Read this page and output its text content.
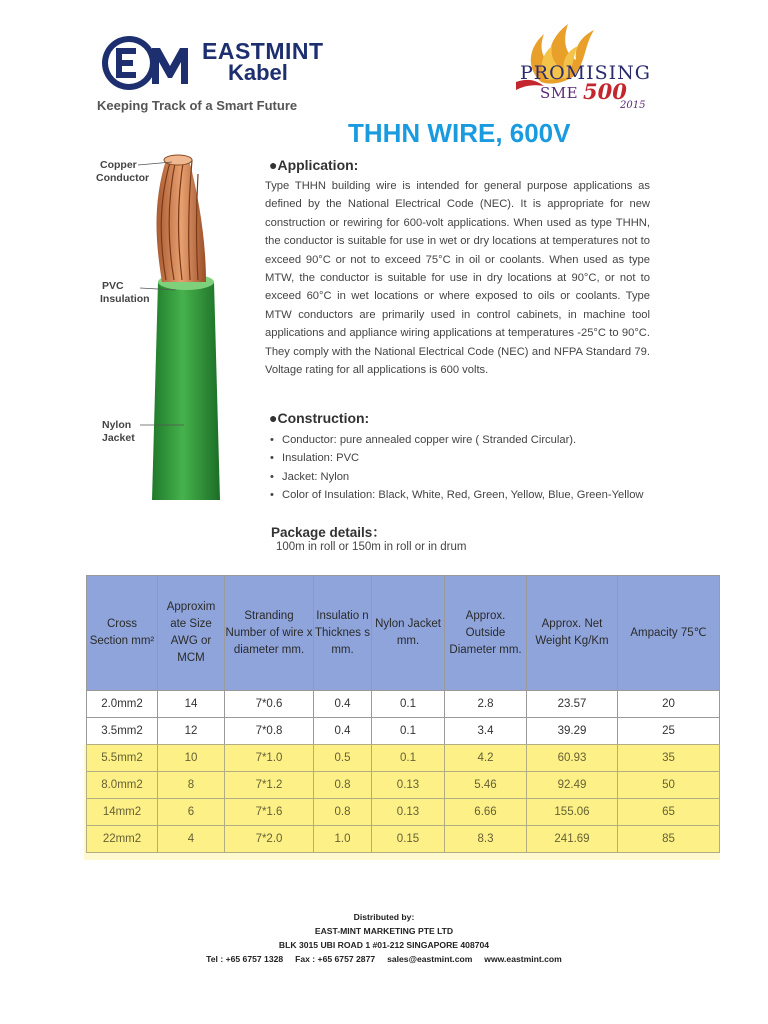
EASTMINT
Kabel
Keeping Track of a Smart Future
PROMISING
SME 500
2015
THHN WIRE, 600V
Copper
Conductor
PVC
Insulation
Nylon
Jacket
●Application:
Type THHN building wire is intended for general purpose applications as defined by the National Electrical Code (NEC). It is appropriate for new construction or rewiring for 600-volt applications. When used as type THHN, the conductor is suitable for use in wet or dry locations at temperatures not to exceed 90°C or not to exceed 75°C in oil or coolants. When used as type MTW, the conductor is suitable for use in dry locations at 90°C, or not to exceed 60°C in wet locations or where exposed to oils or coolants. Type MTW conductors are primarily used in control cabinets, in machine tool applications and appliance wiring applications at temperatures -25°C to 90°C. They comply with the National Electrical Code (NEC) and NFPA Standard 79. Voltage rating for all applications is 600 volts.
●Construction:
• Conductor: pure annealed copper wire ( Stranded Circular).
• Insulation: PVC
• Jacket: Nylon
• Color of Insulation: Black, White, Red, Green, Yellow, Blue, Green-Yellow
Package details：
100m in roll or 150m in roll or in drum
Cross Section mm²	Approxim ate Size AWG or MCM	Stranding Number of wire x diameter mm.	Insulatio n Thicknes s mm.	Nylon Jacket mm.	Approx. Outside Diameter mm.	Approx. Net Weight Kg/Km	Ampacity 75℃
2.0mm2	14	7*0.6	0.4	0.1	2.8	23.57	20
3.5mm2	12	7*0.8	0.4	0.1	3.4	39.29	25
5.5mm2	10	7*1.0	0.5	0.1	4.2	60.93	35
8.0mm2	8	7*1.2	0.8	0.13	5.46	92.49	50
14mm2	6	7*1.6	0.8	0.13	6.66	155.06	65
22mm2	4	7*2.0	1.0	0.15	8.3	241.69	85
Distributed by:
EAST-MINT MARKETING PTE LTD
BLK 3015 UBI ROAD 1 #01-212 SINGAPORE 408704
Tel : +65 6757 1328     Fax : +65 6757 2877     sales@eastmint.com     www.eastmint.com
